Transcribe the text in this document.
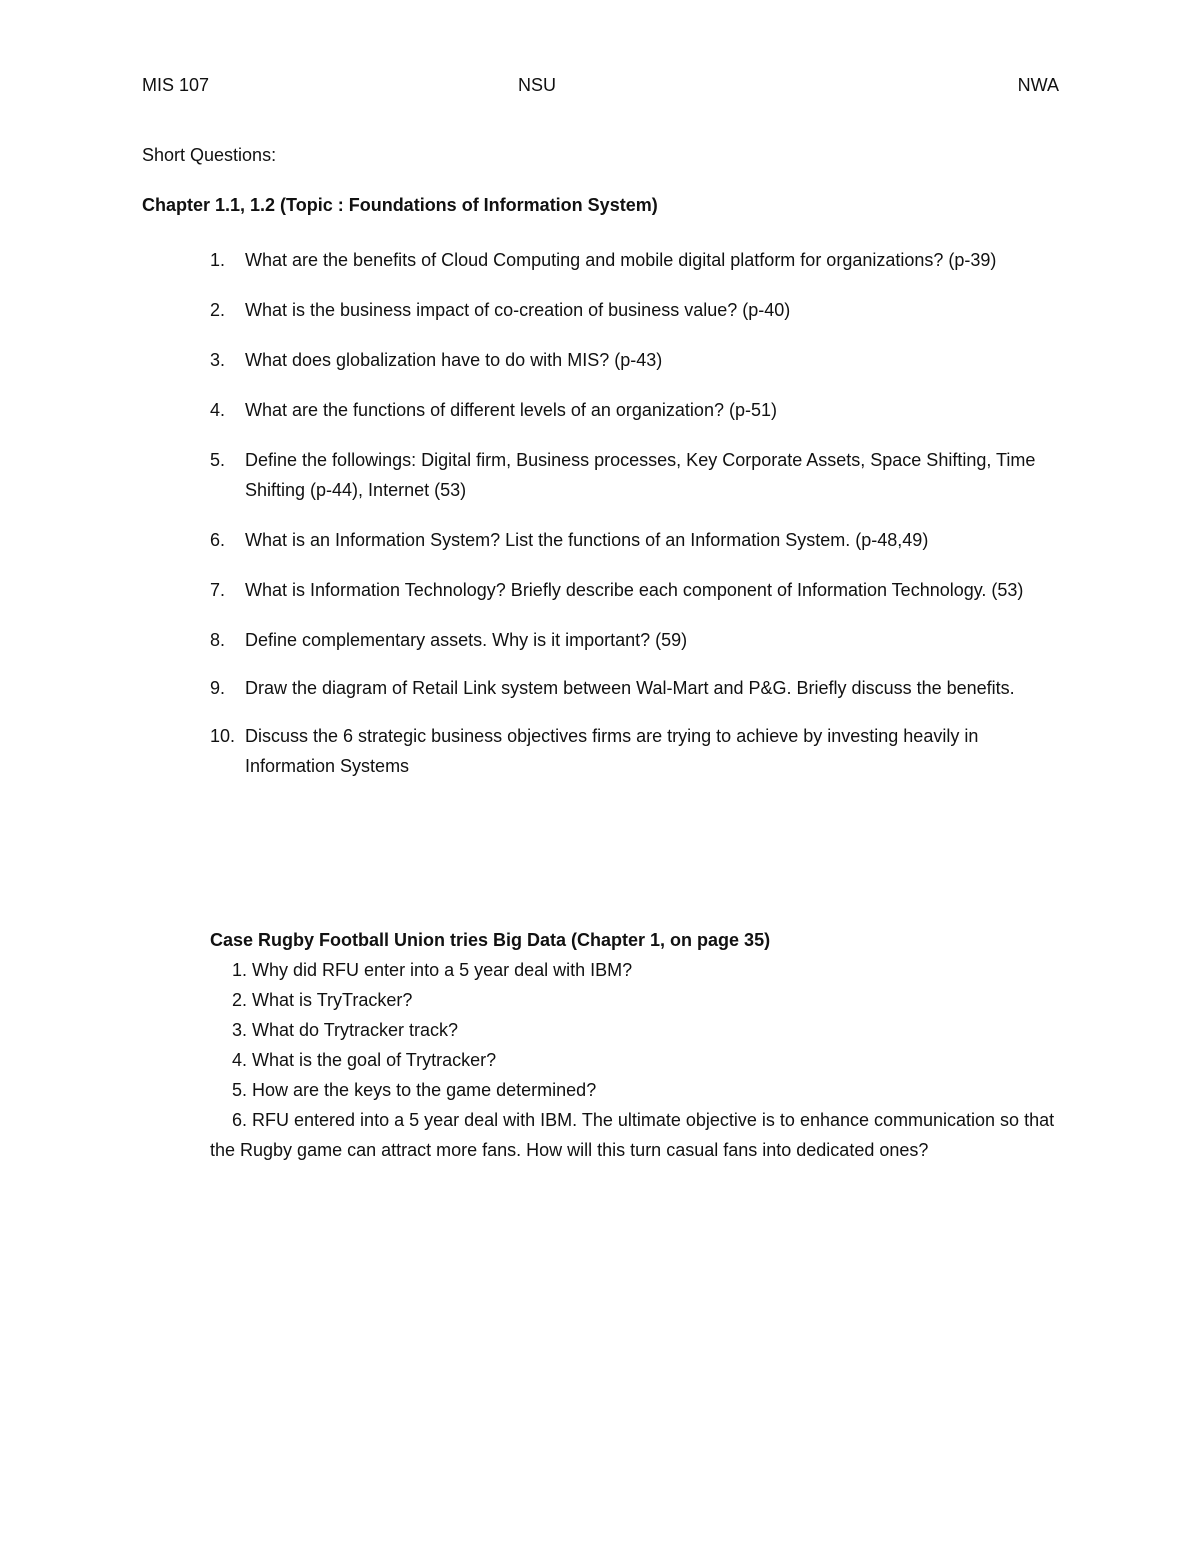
MIS 107	NSU	NWA
Short Questions:
Chapter 1.1, 1.2 (Topic : Foundations of Information System)
1. What are the benefits of Cloud Computing and mobile digital platform for organizations? (p-39)
2. What is the business impact of co-creation of business value? (p-40)
3. What does globalization have to do with MIS? (p-43)
4. What are the functions of different levels of an organization? (p-51)
5. Define the followings: Digital firm, Business processes, Key Corporate Assets, Space Shifting, Time Shifting (p-44), Internet (53)
6. What is an Information System? List the functions of an Information System. (p-48,49)
7. What is Information Technology? Briefly describe each component of Information Technology. (53)
8. Define complementary assets. Why is it important? (59)
9. Draw the diagram of Retail Link system between Wal-Mart and P&G. Briefly discuss the benefits.
10. Discuss the 6 strategic business objectives firms are trying to achieve by investing heavily in Information Systems
Case Rugby Football Union tries Big Data (Chapter 1, on page 35)
1. Why did RFU enter into a 5 year deal with IBM?
2. What is TryTracker?
3. What do Trytracker track?
4. What is the goal of Trytracker?
5. How are the keys to the game determined?
6. RFU entered into a 5 year deal with IBM. The ultimate objective is to enhance communication so that the Rugby game can attract more fans. How will this turn casual fans into dedicated ones?
